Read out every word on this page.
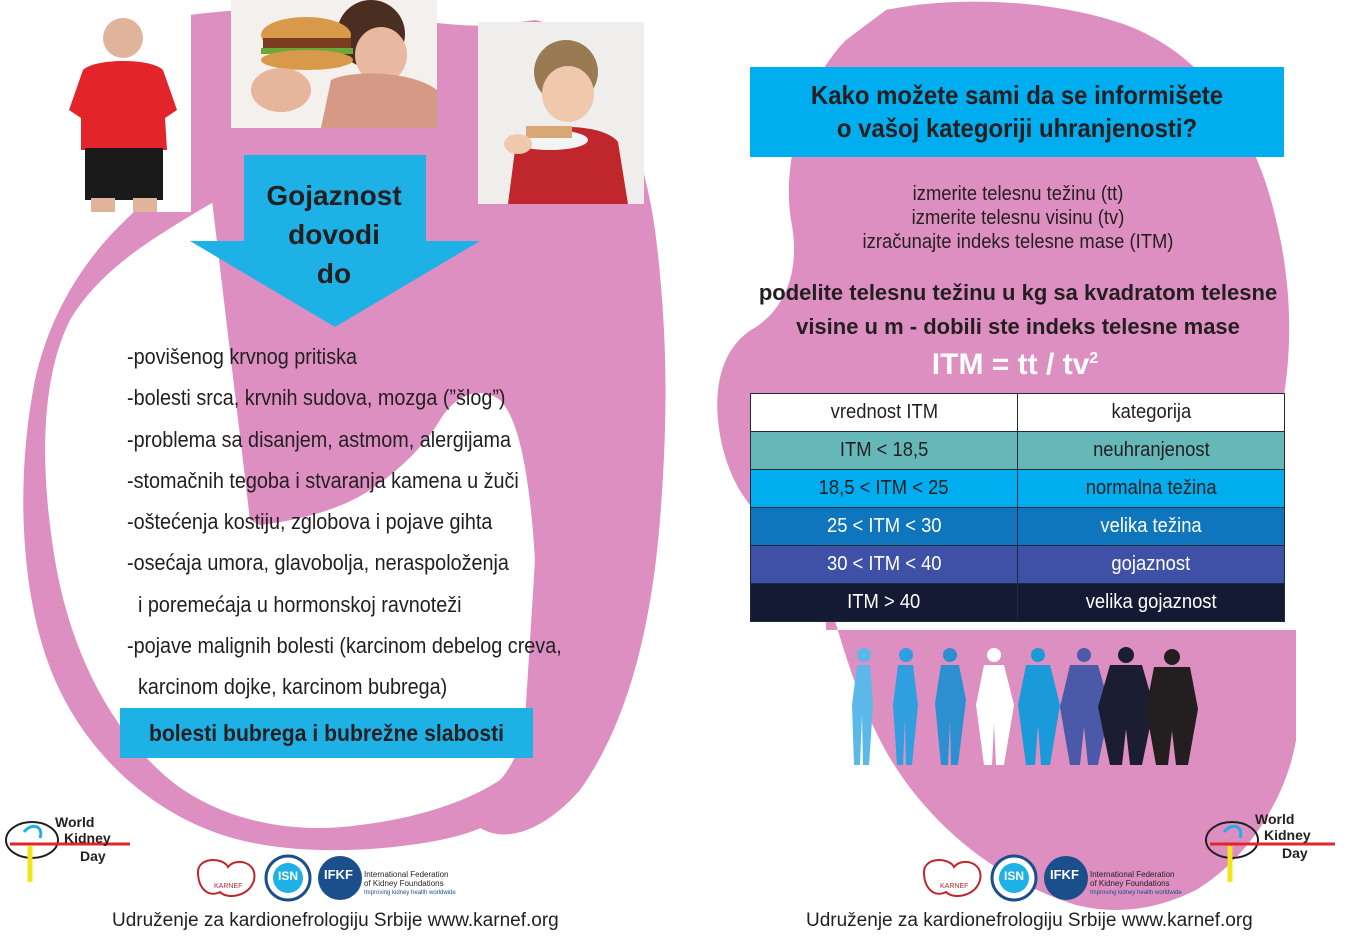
Gojaznost
dovodi
do
-povišenog krvnog pritiska
-bolesti srca, krvnih sudova, mozga (”šlog”)
-problema sa disanjem, astmom, alergijama
-stomačnih tegoba i stvaranja kamena u žuči
-oštećenja kostiju, zglobova i pojave gihta
-osećaja umora, glavobolja, neraspoloženja
i poremećaja u hormonskoj ravnoteži
-pojave malignih bolesti (karcinom debelog creva,
karcinom dojke, karcinom bubrega)
bolesti bubrega i bubrežne slabosti
Kako možete sami da se informišete
o vašoj kategoriji uhranjenosti?
izmerite telesnu težinu (tt)
izmerite telesnu visinu (tv)
izračunajte indeks telesne mase (ITM)
podelite telesnu težinu u kg sa kvadratom telesne
visine u m - dobili ste indeks telesne mase
ITM = tt / $tv^2$
vrednost ITM	kategorija
ITM < 18,5	neuhranjenost
18,5 < ITM < 25	normalna težina
25 < ITM < 30	velika težina
30 < ITM < 40	gojaznost
ITM > 40	velika gojaznost
World
Kidney
Day
KARNEF
ISN IFKF International Federation
of Kidney Foundations
Improving kidney health worldwide
Udruženje za kardionefrologiju Srbije www.karnef.org
KARNEF
ISN IFKF International Federation
of Kidney Foundations
Improving kidney health worldwide
World
Kidney
Day
Udruženje za kardionefrologiju Srbije www.karnef.org
